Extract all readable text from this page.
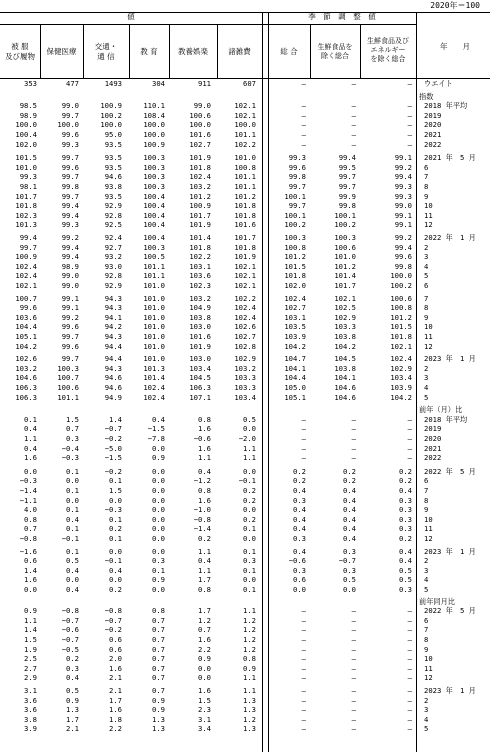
2020年＝100
値	季　節　調　整　値
被 服
及び履物
保健医療
交通・
通 信
教 育	教養娯楽	諸雑費	総 合	生鮮食品を
除く総合
生鮮食品及び
エネルギー
を除く総合
年　　月
353	477	1493	304	911	607	–	–	– ウエイト
指数
98.5	99.0	100.9	110.1	99.0	102.1	–	–	– 2018 年平均
98.9	99.7	100.2	108.4	100.6	102.1	–	–	– 2019
100.0	100.0	100.0	100.0	100.0	100.0	–	–	– 2020
100.4	99.6	95.0	100.0	101.6	101.1	–	–	– 2021
102.0	99.3	93.5	100.9	102.7	102.2	–	–	– 2022
101.5	99.7	93.5	100.3	101.9	101.0	99.3	99.4	99.1 2021 年　5 月
101.0	99.6	93.5	100.3	101.8	100.8	99.6	99.5	99.2 6
99.3	99.7	94.6	100.3	102.4	101.1	99.8	99.7	99.4 7
98.1	99.8	93.8	100.3	103.2	101.1	99.7	99.7	99.3 8
101.7	99.7	93.5	100.4	101.2	101.2	100.1	99.9	99.3 9
101.8	99.4	92.9	100.4	100.9	101.8	99.7	99.8	99.0 10
102.3	99.4	92.8	100.4	101.7	101.8	100.1	100.1	99.1 11
101.3	99.3	92.5	100.4	101.9	101.6	100.2	100.2	99.1 12
99.4	99.2	92.4	100.4	101.4	101.7	100.3	100.3	99.2 2022 年　1 月
99.7	99.4	92.7	100.3	101.8	101.8	100.8	100.6	99.4 2
100.9	99.4	93.2	100.5	102.2	101.9	101.2	101.0	99.6 3
102.4	98.9	93.0	101.1	103.1	102.1	101.5	101.2	99.8 4
102.4	99.0	92.8	101.1	103.6	102.1	101.8	101.4	100.0 5
102.1	99.0	92.9	101.0	102.3	102.1	102.0	101.7	100.2 6
100.7	99.1	94.3	101.0	103.2	102.2	102.4	102.1	100.6 7
99.6	99.1	94.3	101.0	104.9	102.4	102.7	102.5	100.8 8
103.6	99.2	94.1	101.0	103.8	102.4	103.1	102.9	101.2 9
104.4	99.6	94.2	101.0	103.0	102.6	103.5	103.3	101.5 10
105.1	99.7	94.3	101.0	101.6	102.7	103.9	103.8	101.8 11
104.2	99.6	94.4	101.0	101.9	102.8	104.2	104.2	102.1 12
102.6	99.7	94.4	101.0	103.0	102.9	104.7	104.5	102.4 2023 年　1 月
103.2	100.3	94.3	101.3	103.4	103.2	104.1	103.8	102.9 2
104.6	100.7	94.6	101.4	104.5	103.3	104.4	104.1	103.4 3
106.3	100.6	94.6	102.4	106.3	103.3	105.0	104.6	103.9 4
106.3	101.1	94.9	102.4	107.1	103.4	105.1	104.6	104.2 5
前年（月）比
0.1	1.5	1.4	0.4	0.8	0.5	–	–	– 2018 年平均
0.4	0.7	−0.7	−1.5	1.6	0.0	–	–	– 2019
1.1	0.3	−0.2	−7.8	−0.6	−2.0	–	–	– 2020
0.4	−0.4	−5.0	0.0	1.6	1.1	–	–	– 2021
1.6	−0.3	−1.5	0.9	1.1	1.1	–	–	– 2022
0.0	0.1	−0.2	0.0	0.4	0.0	0.2	0.2	0.2 2022 年　5 月
−0.3	0.0	0.1	0.0	−1.2	−0.1	0.2	0.2	0.2 6
−1.4	0.1	1.5	0.0	0.8	0.2	0.4	0.4	0.4 7
−1.1	0.0	0.0	0.0	1.6	0.2	0.3	0.4	0.3 8
4.0	0.1	−0.3	0.0	−1.0	0.0	0.4	0.4	0.3 9
0.8	0.4	0.1	0.0	−0.8	0.2	0.4	0.4	0.3 10
0.7	0.1	0.2	0.0	−1.4	0.1	0.4	0.4	0.3 11
−0.8	−0.1	0.1	0.0	0.2	0.0	0.3	0.4	0.2 12
−1.6	0.1	0.0	0.0	1.1	0.1	0.4	0.3	0.4 2023 年　1 月
0.6	0.5	−0.1	0.3	0.4	0.3	−0.6	−0.7	0.4 2
1.4	0.4	0.4	0.1	1.1	0.1	0.3	0.3	0.5 3
1.6	0.0	0.0	0.9	1.7	0.0	0.6	0.5	0.5 4
0.0	0.4	0.2	0.0	0.8	0.1	0.0	0.0	0.3 5
前年同月比
0.9	−0.8	−0.8	0.8	1.7	1.1	–	–	– 2022 年　5 月
1.1	−0.7	−0.7	0.7	1.2	1.2	–	–	– 6
1.4	−0.6	−0.2	0.7	0.7	1.2	–	–	– 7
1.5	−0.7	0.6	0.7	1.6	1.2	–	–	– 8
1.9	−0.5	0.6	0.7	2.2	1.2	–	–	– 9
2.5	0.2	2.0	0.7	0.9	0.8	–	–	– 10
2.7	0.3	1.6	0.7	0.0	0.9	–	–	– 11
2.9	0.4	2.1	0.7	0.0	1.1	–	–	– 12
3.1	0.5	2.1	0.7	1.6	1.1	–	–	– 2023 年　1 月
3.6	0.9	1.7	0.9	1.5	1.3	–	–	– 2
3.6	1.3	1.6	0.9	2.3	1.3	–	–	– 3
3.8	1.7	1.8	1.3	3.1	1.2	–	–	– 4
3.9	2.1	2.2	1.3	3.4	1.3	–	–	– 5
